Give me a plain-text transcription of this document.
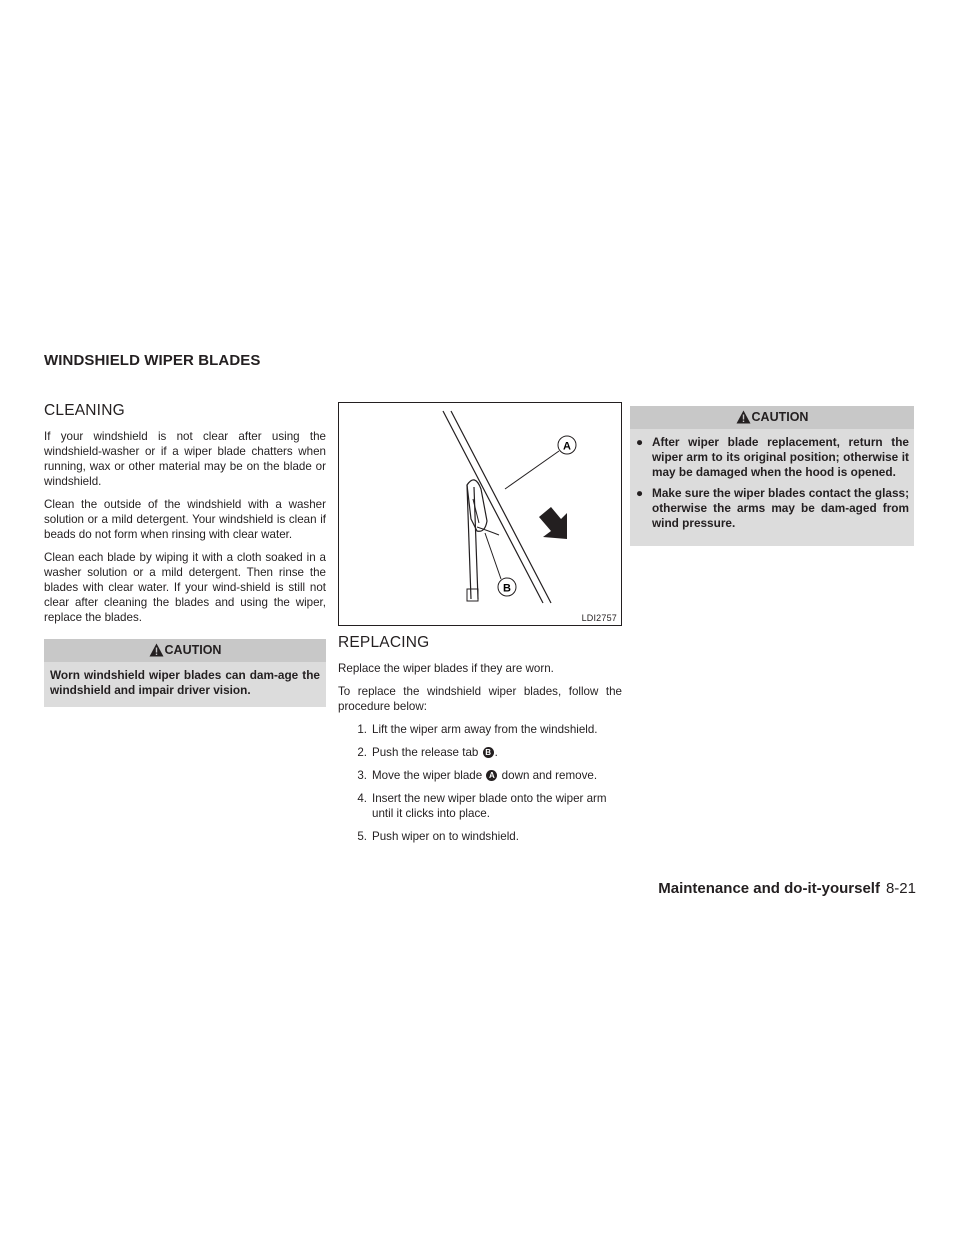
WINDSHIELD WIPER BLADES
CLEANING

If your windshield is not clear after using the windshield-washer or if a wiper blade chatters when running, wax or other material may be on the blade or windshield.

Clean the outside of the windshield with a washer solution or a mild detergent. Your windshield is clean if beads do not form when rinsing with clear water.

Clean each blade by wiping it with a cloth soaked in a washer solution or a mild detergent. Then rinse the blades with clear water. If your wind-shield is still not clear after cleaning the blades and using the wiper, replace the blades.

CAUTION
Worn windshield wiper blades can dam-age the windshield and impair driver vision.
A
B
LDI2757
REPLACING

Replace the wiper blades if they are worn.

To replace the windshield wiper blades, follow the procedure below:

1. Lift the wiper arm away from the windshield.
2. Push the release tab B .
3. Move the wiper blade A down and remove.
4. Insert the new wiper blade onto the wiper arm until it clicks into place.
5. Push wiper on to windshield.
CAUTION
● After wiper blade replacement, return the wiper arm to its original position; otherwise it may be damaged when the hood is opened.
● Make sure the wiper blades contact the glass; otherwise the arms may be dam-aged from wind pressure.
Maintenance and do-it-yourself 8-21
